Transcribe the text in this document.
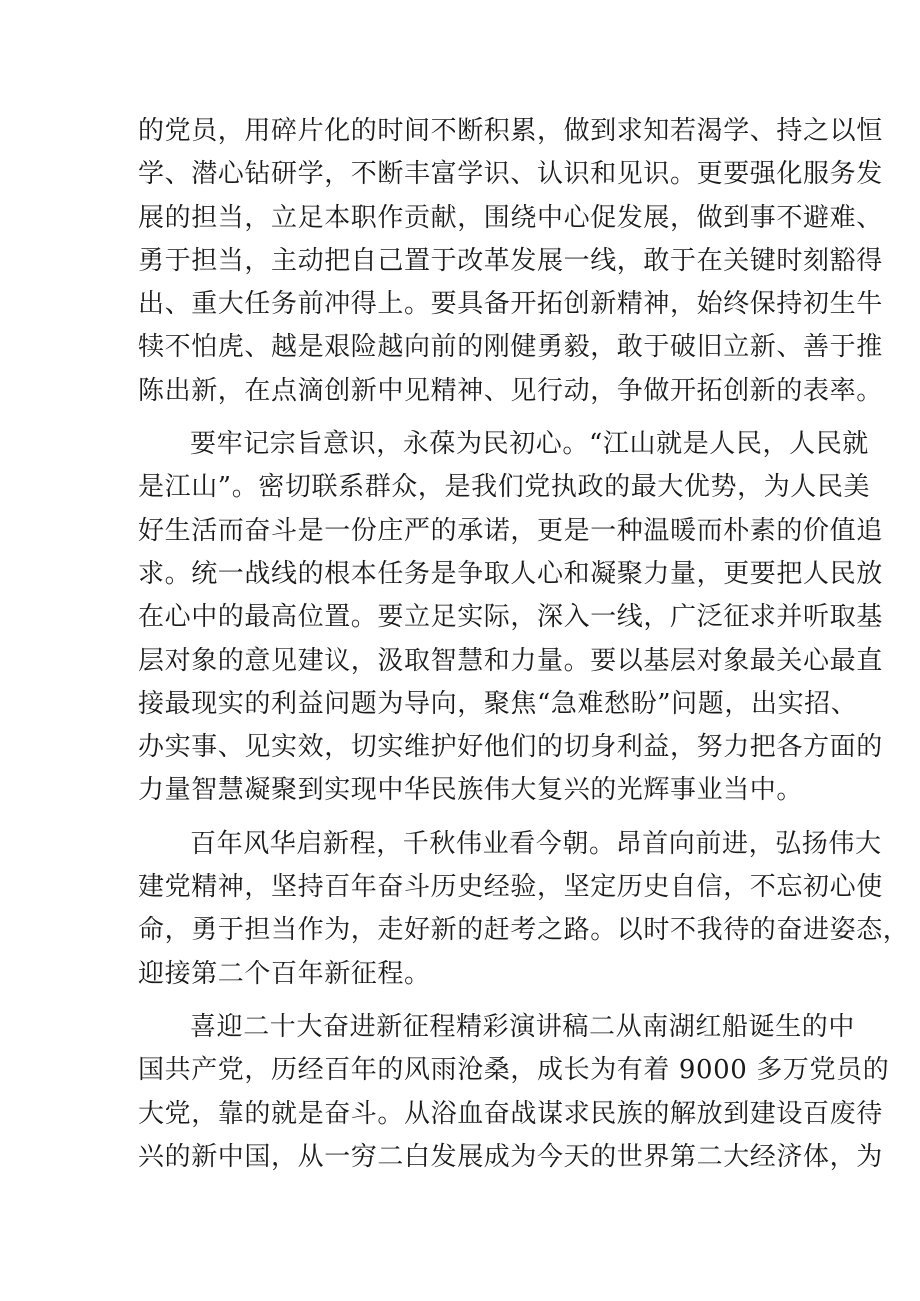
的党员，用碎片化的时间不断积累，做到求知若渴学、持之以恒
学、潜心钻研学，不断丰富学识、认识和见识。更要强化服务发
展的担当，立足本职作贡献，围绕中心促发展，做到事不避难、
勇于担当，主动把自己置于改革发展一线，敢于在关键时刻豁得
出、重大任务前冲得上。要具备开拓创新精神，始终保持初生牛
犊不怕虎、越是艰险越向前的刚健勇毅，敢于破旧立新、善于推
陈出新，在点滴创新中见精神、见行动，争做开拓创新的表率。

要牢记宗旨意识，永葆为民初心。“江山就是人民，人民就
是江山”。密切联系群众，是我们党执政的最大优势，为人民美
好生活而奋斗是一份庄严的承诺，更是一种温暖而朴素的价值追
求。统一战线的根本任务是争取人心和凝聚力量，更要把人民放
在心中的最高位置。要立足实际，深入一线，广泛征求并听取基
层对象的意见建议，汲取智慧和力量。要以基层对象最关心最直
接最现实的利益问题为导向，聚焦“急难愁盼”问题，出实招、
办实事、见实效，切实维护好他们的切身利益，努力把各方面的
力量智慧凝聚到实现中华民族伟大复兴的光辉事业当中。

百年风华启新程，千秋伟业看今朝。昂首向前进，弘扬伟大
建党精神，坚持百年奋斗历史经验，坚定历史自信，不忘初心使
命，勇于担当作为，走好新的赶考之路。以时不我待的奋进姿态，
迎接第二个百年新征程。

喜迎二十大奋进新征程精彩演讲稿二从南湖红船诞生的中
国共产党，历经百年的风雨沧桑，成长为有着 9000 多万党员的
大党，靠的就是奋斗。从浴血奋战谋求民族的解放到建设百废待
兴的新中国，从一穷二白发展成为今天的世界第二大经济体，为
